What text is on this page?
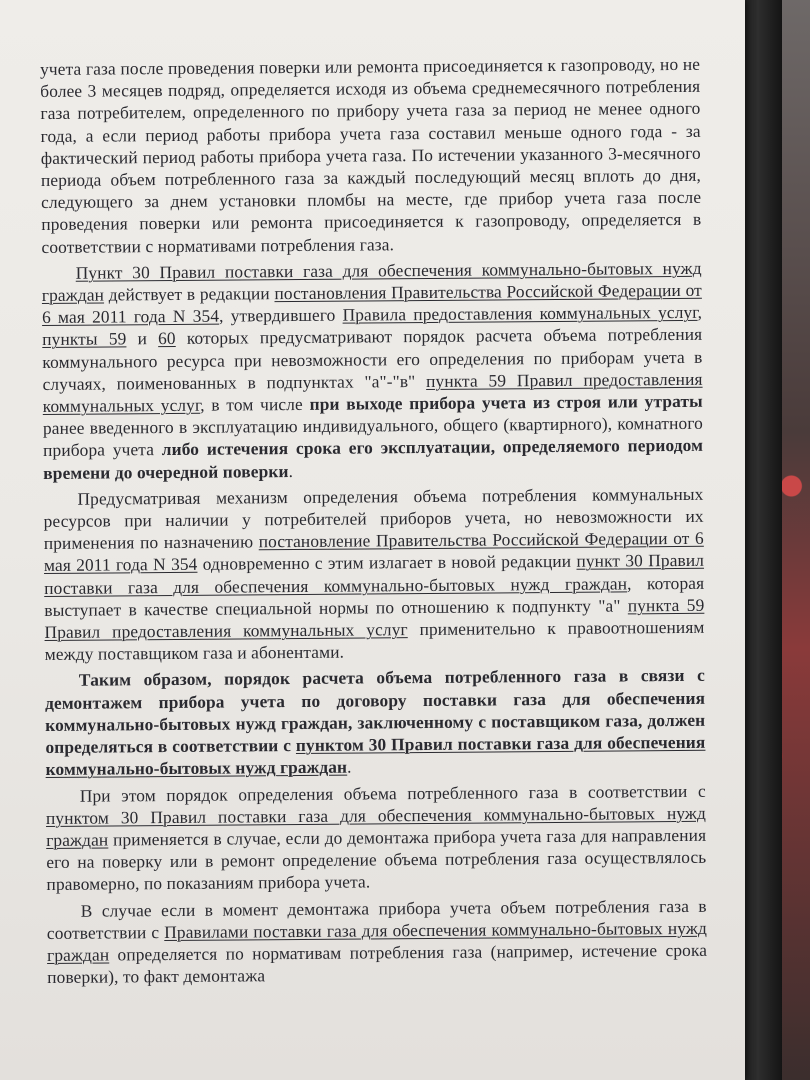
учета газа после проведения поверки или ремонта присоединяется к газопроводу, но не более 3 месяцев подряд, определяется исходя из объема среднемесячного потребления газа потребителем, определенного по прибору учета газа за период не менее одного года, а если период работы прибора учета газа составил меньше одного года - за фактический период работы прибора учета газа. По истечении указанного 3-месячного периода объем потребленного газа за каждый последующий месяц вплоть до дня, следующего за днем установки пломбы на месте, где прибор учета газа после проведения поверки или ремонта присоединяется к газопроводу, определяется в соответствии с нормативами потребления газа.

Пункт 30 Правил поставки газа для обеспечения коммунально-бытовых нужд граждан действует в редакции постановления Правительства Российской Федерации от 6 мая 2011 года N 354, утвердившего Правила предоставления коммунальных услуг, пункты 59 и 60 которых предусматривают порядок расчета объема потребления коммунального ресурса при невозможности его определения по приборам учета в случаях, поименованных в подпунктах "а"-"в" пункта 59 Правил предоставления коммунальных услуг, в том числе при выходе прибора учета из строя или утраты ранее введенного в эксплуатацию индивидуального, общего (квартирного), комнатного прибора учета либо истечения срока его эксплуатации, определяемого периодом времени до очередной поверки.

Предусматривая механизм определения объема потребления коммунальных ресурсов при наличии у потребителей приборов учета, но невозможности их применения по назначению постановление Правительства Российской Федерации от 6 мая 2011 года N 354 одновременно с этим излагает в новой редакции пункт 30 Правил поставки газа для обеспечения коммунально-бытовых нужд граждан, которая выступает в качестве специальной нормы по отношению к подпункту "а" пункта 59 Правил предоставления коммунальных услуг применительно к правоотношениям между поставщиком газа и абонентами.

Таким образом, порядок расчета объема потребленного газа в связи с демонтажем прибора учета по договору поставки газа для обеспечения коммунально-бытовых нужд граждан, заключенному с поставщиком газа, должен определяться в соответствии с пунктом 30 Правил поставки газа для обеспечения коммунально-бытовых нужд граждан.

При этом порядок определения объема потребленного газа в соответствии с пунктом 30 Правил поставки газа для обеспечения коммунально-бытовых нужд граждан применяется в случае, если до демонтажа прибора учета газа для направления его на поверку или в ремонт определение объема потребления газа осуществлялось правомерно, по показаниям прибора учета.

В случае если в момент демонтажа прибора учета объем потребления газа в соответствии с Правилами поставки газа для обеспечения коммунально-бытовых нужд граждан определяется по нормативам потребления газа (например, истечение срока поверки), то факт демонтажа
